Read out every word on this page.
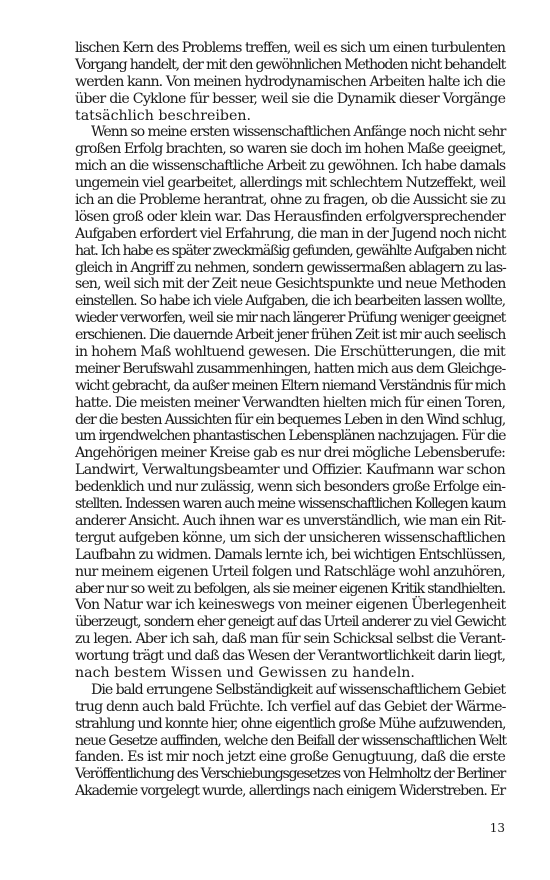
lischen Kern des Problems treffen, weil es sich um einen turbulenten
Vorgang handelt, der mit den gewöhnlichen Methoden nicht behandelt
werden kann. Von meinen hydrodynamischen Arbeiten halte ich die
über die Cyklone für besser, weil sie die Dynamik dieser Vorgänge
tatsächlich beschreiben.
Wenn so meine ersten wissenschaftlichen Anfänge noch nicht sehr
großen Erfolg brachten, so waren sie doch im hohen Maße geeignet,
mich an die wissenschaftliche Arbeit zu gewöhnen. Ich habe damals
ungemein viel gearbeitet, allerdings mit schlechtem Nutzeffekt, weil
ich an die Probleme herantrat, ohne zu fragen, ob die Aussicht sie zu
lösen groß oder klein war. Das Herausfinden erfolgversprechender
Aufgaben erfordert viel Erfahrung, die man in der Jugend noch nicht
hat. Ich habe es später zweckmäßig gefunden, gewählte Aufgaben nicht
gleich in Angriff zu nehmen, sondern gewissermaßen ablagern zu las-
sen, weil sich mit der Zeit neue Gesichtspunkte und neue Methoden
einstellen. So habe ich viele Aufgaben, die ich bearbeiten lassen wollte,
wieder verworfen, weil sie mir nach längerer Prüfung weniger geeignet
erschienen. Die dauernde Arbeit jener frühen Zeit ist mir auch seelisch
in hohem Maß wohltuend gewesen. Die Erschütterungen, die mit
meiner Berufswahl zusammenhingen, hatten mich aus dem Gleichge-
wicht gebracht, da außer meinen Eltern niemand Verständnis für mich
hatte. Die meisten meiner Verwandten hielten mich für einen Toren,
der die besten Aussichten für ein bequemes Leben in den Wind schlug,
um irgendwelchen phantastischen Lebensplänen nachzujagen. Für die
Angehörigen meiner Kreise gab es nur drei mögliche Lebensberufe:
Landwirt, Verwaltungsbeamter und Offizier. Kaufmann war schon
bedenklich und nur zulässig, wenn sich besonders große Erfolge ein-
stellten. Indessen waren auch meine wissenschaftlichen Kollegen kaum
anderer Ansicht. Auch ihnen war es unverständlich, wie man ein Rit-
tergut aufgeben könne, um sich der unsicheren wissenschaftlichen
Laufbahn zu widmen. Damals lernte ich, bei wichtigen Entschlüssen,
nur meinem eigenen Urteil folgen und Ratschläge wohl anzuhören,
aber nur so weit zu befolgen, als sie meiner eigenen Kritik standhielten.
Von Natur war ich keineswegs von meiner eigenen Überlegenheit
überzeugt, sondern eher geneigt auf das Urteil anderer zu viel Gewicht
zu legen. Aber ich sah, daß man für sein Schicksal selbst die Verant-
wortung trägt und daß das Wesen der Verantwortlichkeit darin liegt,
nach bestem Wissen und Gewissen zu handeln.
Die bald errungene Selbständigkeit auf wissenschaftlichem Gebiet
trug denn auch bald Früchte. Ich verfiel auf das Gebiet der Wärme-
strahlung und konnte hier, ohne eigentlich große Mühe aufzuwenden,
neue Gesetze auffinden, welche den Beifall der wissenschaftlichen Welt
fanden. Es ist mir noch jetzt eine große Genugtuung, daß die erste
Veröffentlichung des Verschiebungsgesetzes von Helmholtz der Berliner
Akademie vorgelegt wurde, allerdings nach einigem Widerstreben. Er
13
